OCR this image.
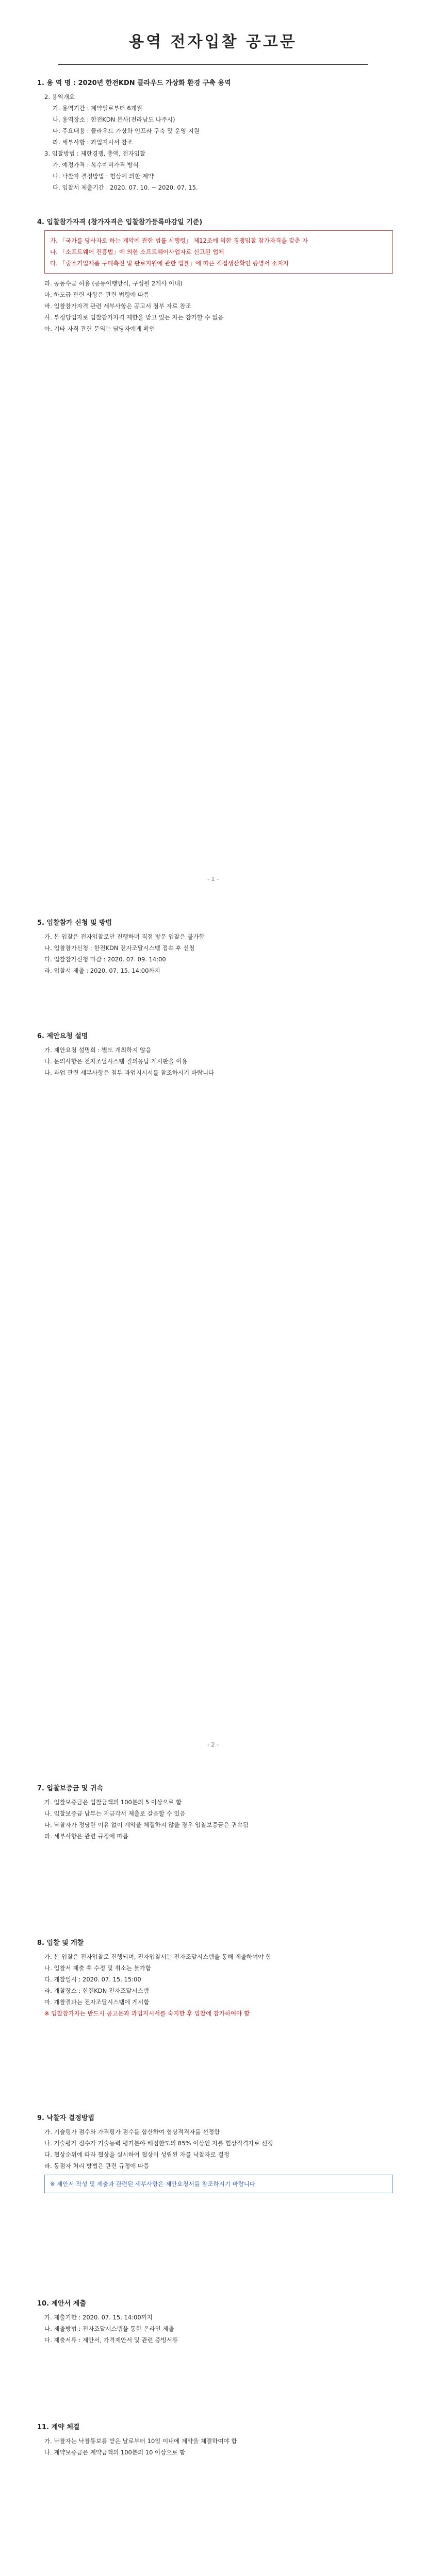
용역 전자입찰 공고문

1. 용 역 명 : 2020년 한전KDN 클라우드 가상화 환경 구축 용역

2. 용역개요

가. 용역기간 : 계약일로부터 6개월

나. 용역장소 : 한전KDN 본사(전라남도 나주시)

다. 주요내용 : 클라우드 가상화 인프라 구축 및 운영 지원

라. 세부사항 : 과업지시서 참조

3. 입찰방법 : 제한경쟁, 총액, 전자입찰

가. 예정가격 : 복수예비가격 방식

나. 낙찰자 결정방법 : 협상에 의한 계약

다. 입찰서 제출기간 : 2020. 07. 10. ~ 2020. 07. 15.

4. 입찰참가자격 (참가자격은 입찰참가등록마감일 기준)

가. 「국가를 당사자로 하는 계약에 관한 법률 시행령」 제12조에 의한 경쟁입찰 참가자격을 갖춘 자

나. 「소프트웨어 진흥법」에 의한 소프트웨어사업자로 신고된 업체

다. 「중소기업제품 구매촉진 및 판로지원에 관한 법률」에 따른 직접생산확인 증명서 소지자

라. 공동수급 허용 (공동이행방식, 구성원 2개사 이내)

마. 하도급 관련 사항은 관련 법령에 따름

바. 입찰참가자격 관련 세부사항은 공고서 첨부 자료 참조

사. 부정당업자로 입찰참가자격 제한을 받고 있는 자는 참가할 수 없음

아. 기타 자격 관련 문의는 담당자에게 확인

- 1 -

5. 입찰참가 신청 및 방법

가. 본 입찰은 전자입찰로만 진행하며 직접 방문 입찰은 불가함

나. 입찰참가신청 : 한전KDN 전자조달시스템 접속 후 신청

다. 입찰참가신청 마감 : 2020. 07. 09. 14:00

라. 입찰서 제출 : 2020. 07. 15. 14:00까지

6. 제안요청 설명

가. 제안요청 설명회 : 별도 개최하지 않음

나. 문의사항은 전자조달시스템 질의응답 게시판을 이용

다. 과업 관련 세부사항은 첨부 과업지시서를 참조하시기 바랍니다

- 2 -

7. 입찰보증금 및 귀속

가. 입찰보증금은 입찰금액의 100분의 5 이상으로 함

나. 입찰보증금 납부는 지급각서 제출로 갈음할 수 있음

다. 낙찰자가 정당한 이유 없이 계약을 체결하지 않을 경우 입찰보증금은 귀속됨

라. 세부사항은 관련 규정에 따름

8. 입찰 및 개찰

가. 본 입찰은 전자입찰로 진행되며, 전자입찰서는 전자조달시스템을 통해 제출하여야 함

나. 입찰서 제출 후 수정 및 취소는 불가함

다. 개찰일시 : 2020. 07. 15. 15:00

라. 개찰장소 : 한전KDN 전자조달시스템

마. 개찰결과는 전자조달시스템에 게시함

※ 입찰참가자는 반드시 공고문과 과업지시서를 숙지한 후 입찰에 참가하여야 함

9. 낙찰자 결정방법

가. 기술평가 점수와 가격평가 점수를 합산하여 협상적격자를 선정함

나. 기술평가 점수가 기술능력 평가분야 배점한도의 85% 이상인 자를 협상적격자로 선정

다. 협상순위에 따라 협상을 실시하여 협상이 성립된 자를 낙찰자로 결정

라. 동점자 처리 방법은 관련 규정에 따름

※ 제안서 작성 및 제출과 관련된 세부사항은 제안요청서를 참조하시기 바랍니다

10. 제안서 제출

가. 제출기한 : 2020. 07. 15. 14:00까지

나. 제출방법 : 전자조달시스템을 통한 온라인 제출

다. 제출서류 : 제안서, 가격제안서 및 관련 증빙서류

11. 계약 체결

가. 낙찰자는 낙찰통보를 받은 날로부터 10일 이내에 계약을 체결하여야 함

나. 계약보증금은 계약금액의 100분의 10 이상으로 함
